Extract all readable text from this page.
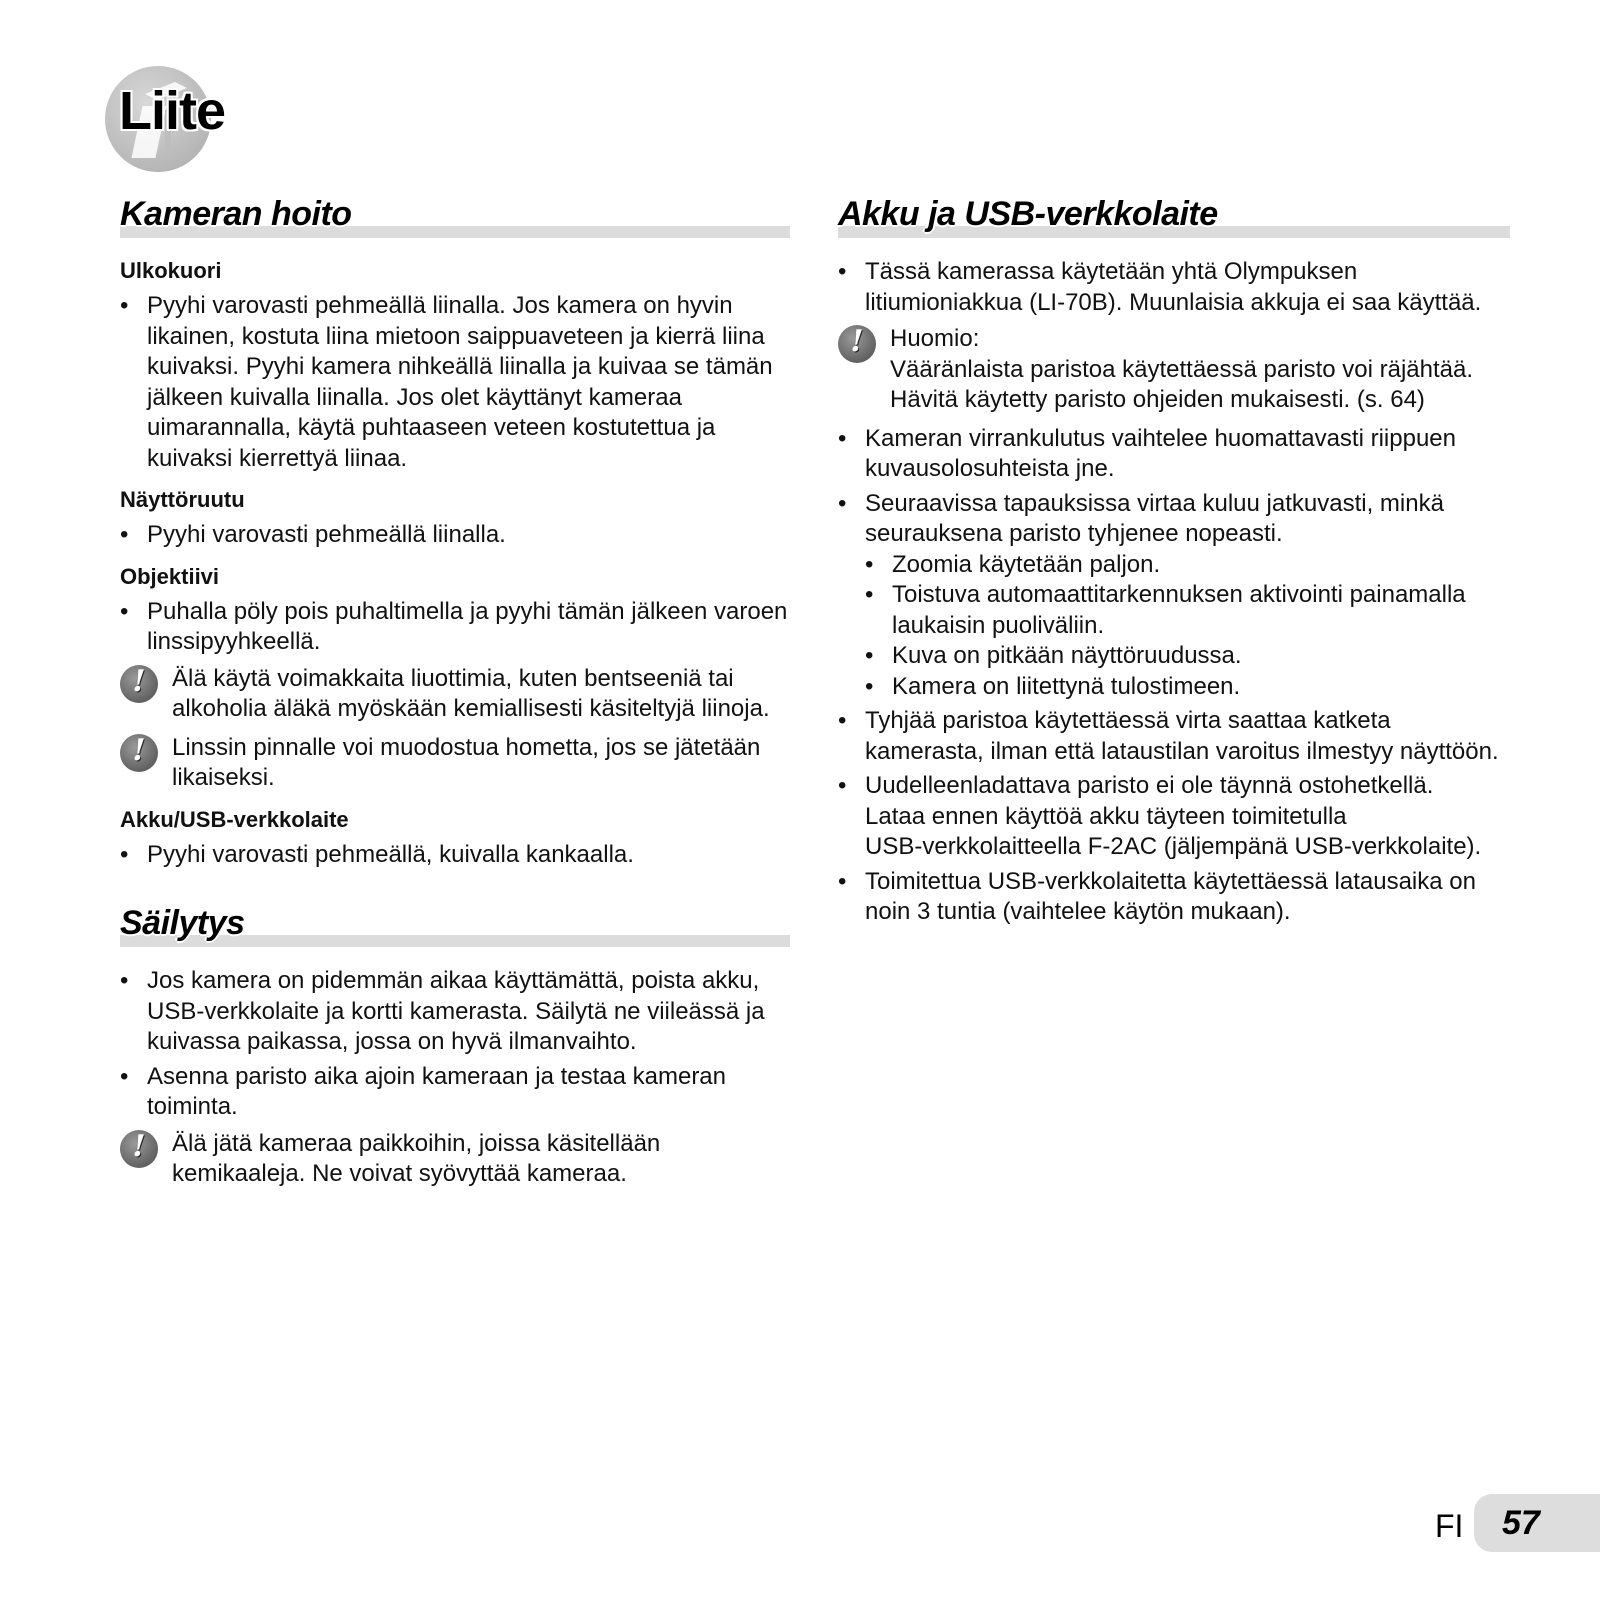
Liite
Kameran hoito
Ulkokuori
• Pyyhi varovasti pehmeällä liinalla. Jos kamera on hyvin likainen, kostuta liina mietoon saippuaveteen ja kierrä liina kuivaksi. Pyyhi kamera nihkeällä liinalla ja kuivaa se tämän jälkeen kuivalla liinalla. Jos olet käyttänyt kameraa uimarannalla, käytä puhtaaseen veteen kostutettua ja kuivaksi kierrettyä liinaa.
Näyttöruutu
• Pyyhi varovasti pehmeällä liinalla.
Objektiivi
• Puhalla pöly pois puhaltimella ja pyyhi tämän jälkeen varoen linssipyyhkeellä.
!	Älä käytä voimakkaita liuottimia, kuten bentseeniä tai alkoholia äläkä myöskään kemiallisesti käsiteltyjä liinoja.

!	Linssin pinnalle voi muodostua hometta, jos se jätetään likaiseksi.

Akku/USB-verkkolaite
• Pyyhi varovasti pehmeällä, kuivalla kankaalla.
Säilytys
• Jos kamera on pidemmän aikaa käyttämättä, poista akku, USB-verkkolaite ja kortti kamerasta. Säilytä ne viileässä ja kuivassa paikassa, jossa on hyvä ilmanvaihto.
• Asenna paristo aika ajoin kameraan ja testaa kameran toiminta.
!	Älä jätä kameraa paikkoihin, joissa käsitellään kemikaaleja. Ne voivat syövyttää kameraa.

Akku ja USB-verkkolaite
• Tässä kamerassa käytetään yhtä Olympuksen litiumioniakkua (LI-70B). Muunlaisia akkuja ei saa käyttää.
!	Huomio:

Vääränlaista paristoa käytettäessä paristo voi räjähtää.

Hävitä käytetty paristo ohjeiden mukaisesti. (s. 64)

• Kameran virrankulutus vaihtelee huomattavasti riippuen kuvausolosuhteista jne.
• Seuraavissa tapauksissa virtaa kuluu jatkuvasti, minkä seurauksena paristo tyhjenee nopeasti.
• Zoomia käytetään paljon.
• Toistuva automaattitarkennuksen aktivointi painamalla laukaisin puoliväliin.
• Kuva on pitkään näyttöruudussa.
• Kamera on liitettynä tulostimeen.
• Tyhjää paristoa käytettäessä virta saattaa katketa kamerasta, ilman että lataustilan varoitus ilmestyy näyttöön.
• Uudelleenladattava paristo ei ole täynnä ostohetkellä.
Lataa ennen käyttöä akku täyteen toimitetulla
USB-verkkolaitteella F-2AC (jäljempänä USB-verkkolaite).
• Toimitettua USB-verkkolaitetta käytettäessä latausaika on noin 3 tuntia (vaihtelee käytön mukaan).
FI 57
